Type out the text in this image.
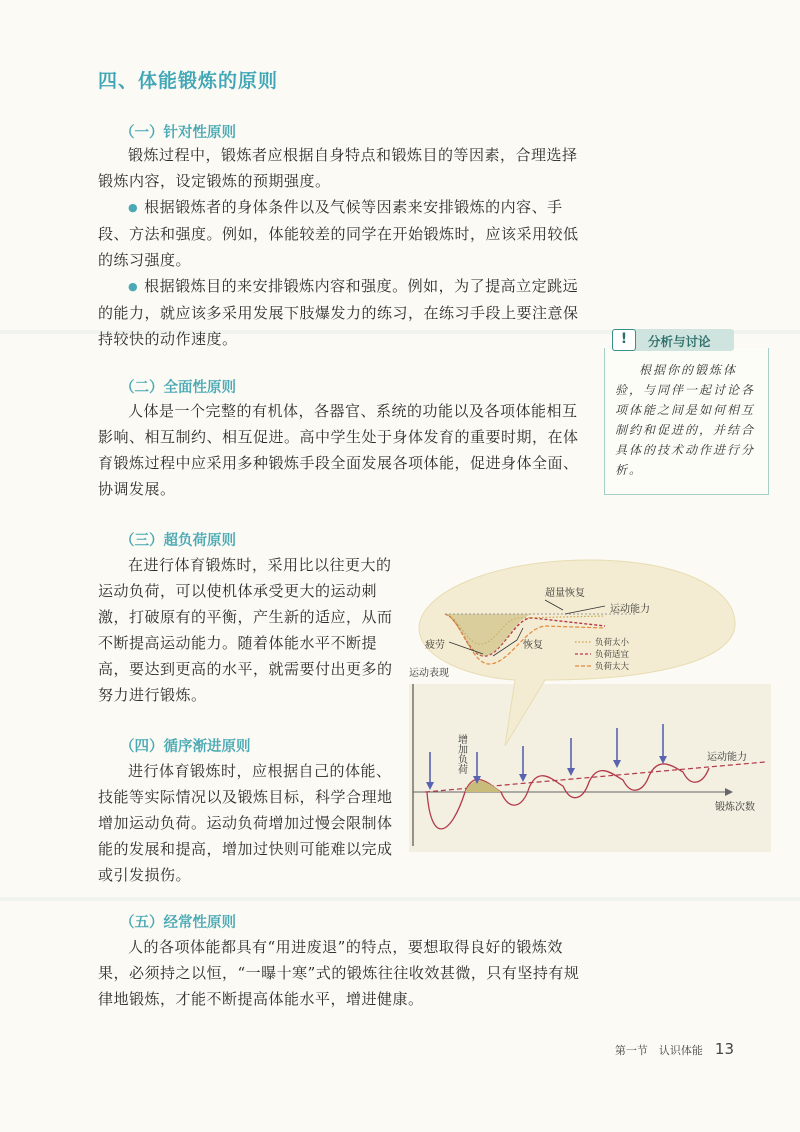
四、体能锻炼的原则
（一）针对性原则

锻炼过程中，锻炼者应根据自身特点和锻炼目的等因素，合理选择锻炼内容，设定锻炼的预期强度。

● 根据锻炼者的身体条件以及气候等因素来安排锻炼的内容、手段、方法和强度。例如，体能较差的同学在开始锻炼时，应该采用较低的练习强度。

● 根据锻炼目的来安排锻炼内容和强度。例如，为了提高立定跳远的能力，就应该多采用发展下肢爆发力的练习，在练习手段上要注意保持较快的动作速度。	!	分析与讨论

根据你的锻炼体验，与同伴一起讨论各项体能之间是如何相互制约和促进的，并结合具体的技术动作进行分析。

（二）全面性原则

人体是一个完整的有机体，各器官、系统的功能以及各项体能相互影响、相互制约、相互促进。高中学生处于身体发育的重要时期，在体育锻炼过程中应采用多种锻炼手段全面发展各项体能，促进身体全面、协调发展。

（三）超负荷原则

在进行体育锻炼时，采用比以往更大的运动负荷，可以使机体承受更大的运动刺激，打破原有的平衡，产生新的适应，从而不断提高运动能力。随着体能水平不断提高，要达到更高的水平，就需要付出更多的努力进行锻炼。

（四）循序渐进原则

进行体育锻炼时，应根据自己的体能、技能等实际情况以及锻炼目标，科学合理地增加运动负荷。运动负荷增加过慢会限制体能的发展和提高，增加过快则可能难以完成或引发损伤。

（五）经常性原则

人的各项体能都具有“用进废退”的特点，要想取得良好的锻炼效果，必须持之以恒，“一曝十寒”式的锻炼往往收效甚微，只有坚持有规律地锻炼，才能不断提高体能水平，增进健康。

超量恢复
运动能力
疲劳	恢复	负荷太小
负荷适宜
负荷太大
运动表现
锻炼次数
运动能力
增加负荷
第一节　认识体能 13
